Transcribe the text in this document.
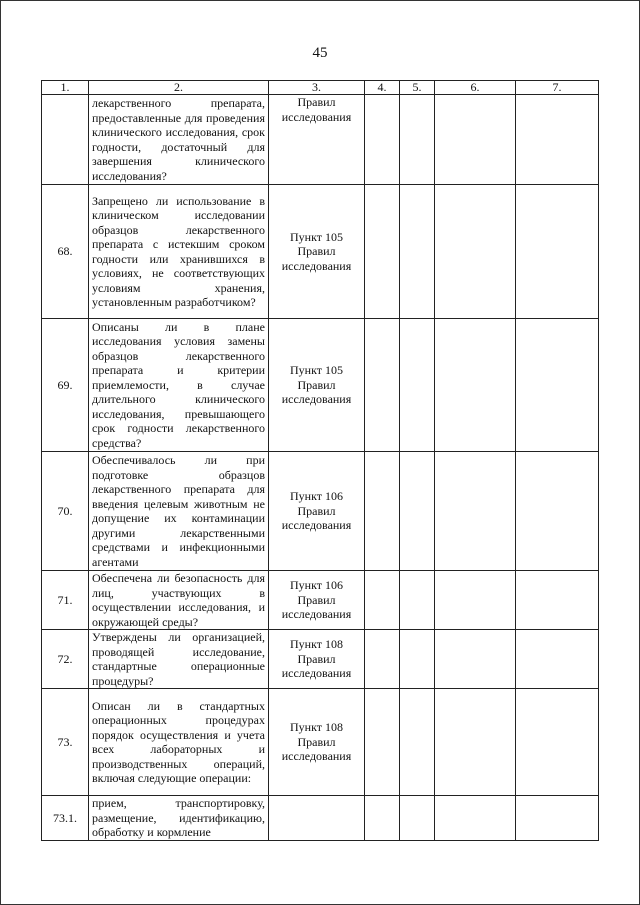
45
1.	2.	3.	4.	5.	6.	7.
	лекарственного препарата, предоставленные для проведения клинического исследования, срок годности, достаточный для завершения клинического исследования?	Правил исследования				
68.	Запрещено ли использование в клиническом исследовании образцов лекарственного препарата с истекшим сроком годности или хранившихся в условиях, не соответствующих условиям хранения, установленным разработчиком?	Пункт 105 Правил исследования				
69.	Описаны ли в плане исследования условия замены образцов лекарственного препарата и критерии приемлемости, в случае длительного клинического исследования, превышающего срок годности лекарственного средства?	Пункт 105 Правил исследования				
70.	Обеспечивалось ли при подготовке образцов лекарственного препарата для введения целевым животным не допущение их контаминации другими лекарственными средствами и инфекционными агентами	Пункт 106 Правил исследования				
71.	Обеспечена ли безопасность для лиц, участвующих в осуществлении исследования, и окружающей среды?	Пункт 106 Правил исследования				
72.	Утверждены ли организацией, проводящей исследование, стандартные операционные процедуры?	Пункт 108 Правил исследования				
73.	Описан ли в стандартных операционных процедурах порядок осуществления и учета всех лабораторных и производственных операций, включая следующие операции:	Пункт 108 Правил исследования				
73.1.	прием, транспортировку, размещение, идентификацию, обработку и кормление					
